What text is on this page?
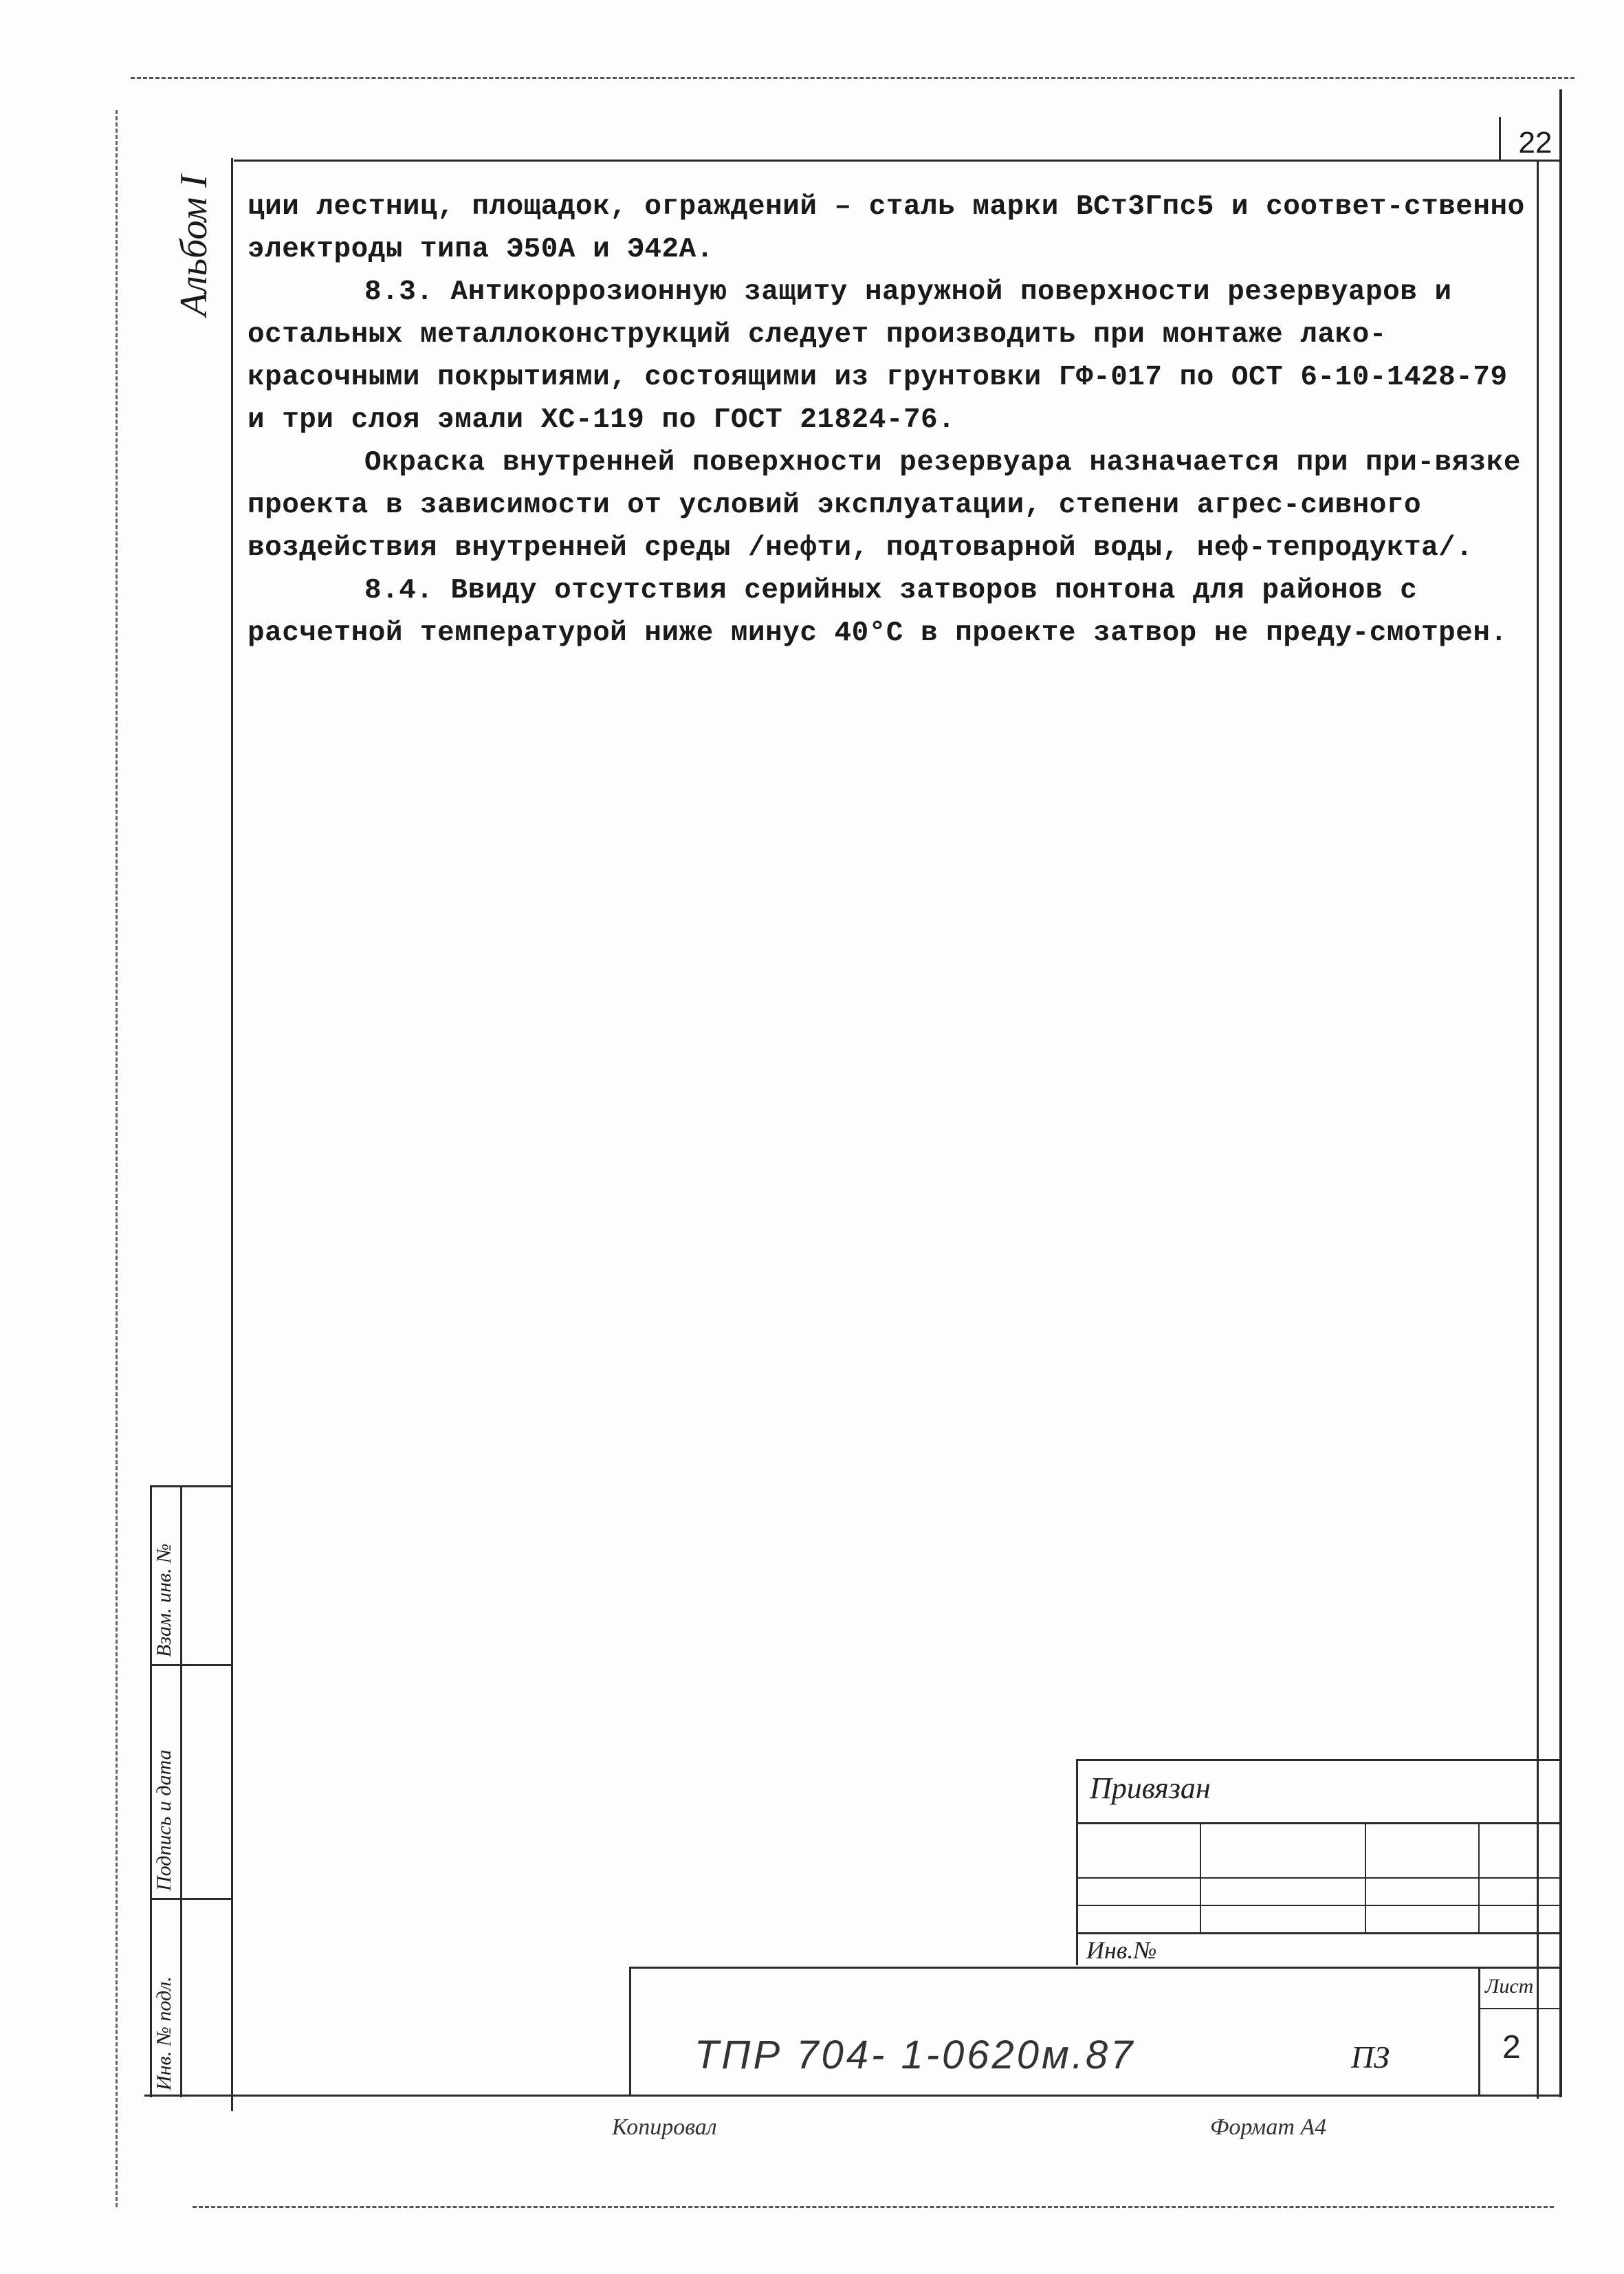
22
Альбом I ции лестниц, площадок, ограждений – сталь марки ВСт3Гпс5 и соответ-ственно электроды типа Э50А и Э42А.

8.3. Антикоррозионную защиту наружной поверхности резервуаров и остальных металлоконструкций следует производить при монтаже лако-красочными покрытиями, состоящими из грунтовки ГФ-017 по ОСТ 6-10-1428-79 и три слоя эмали ХС-119 по ГОСТ 21824-76.

Окраска внутренней поверхности резервуара назначается при при-вязке проекта в зависимости от условий эксплуатации, степени агрес-сивного воздействия внутренней среды /нефти, подтоварной воды, неф-тепродукта/.

8.4. Ввиду отсутствия серийных затворов понтона для районов с расчетной температурой ниже минус 40°С в проекте затвор не преду-смотрен.

Взам. инв. №
Подпись и дата
Инв. № подл.
Привязан
Инв.№
Лист
2
ТПР 704- 1-0620м.87	ПЗ
Копировал	Формат А4
